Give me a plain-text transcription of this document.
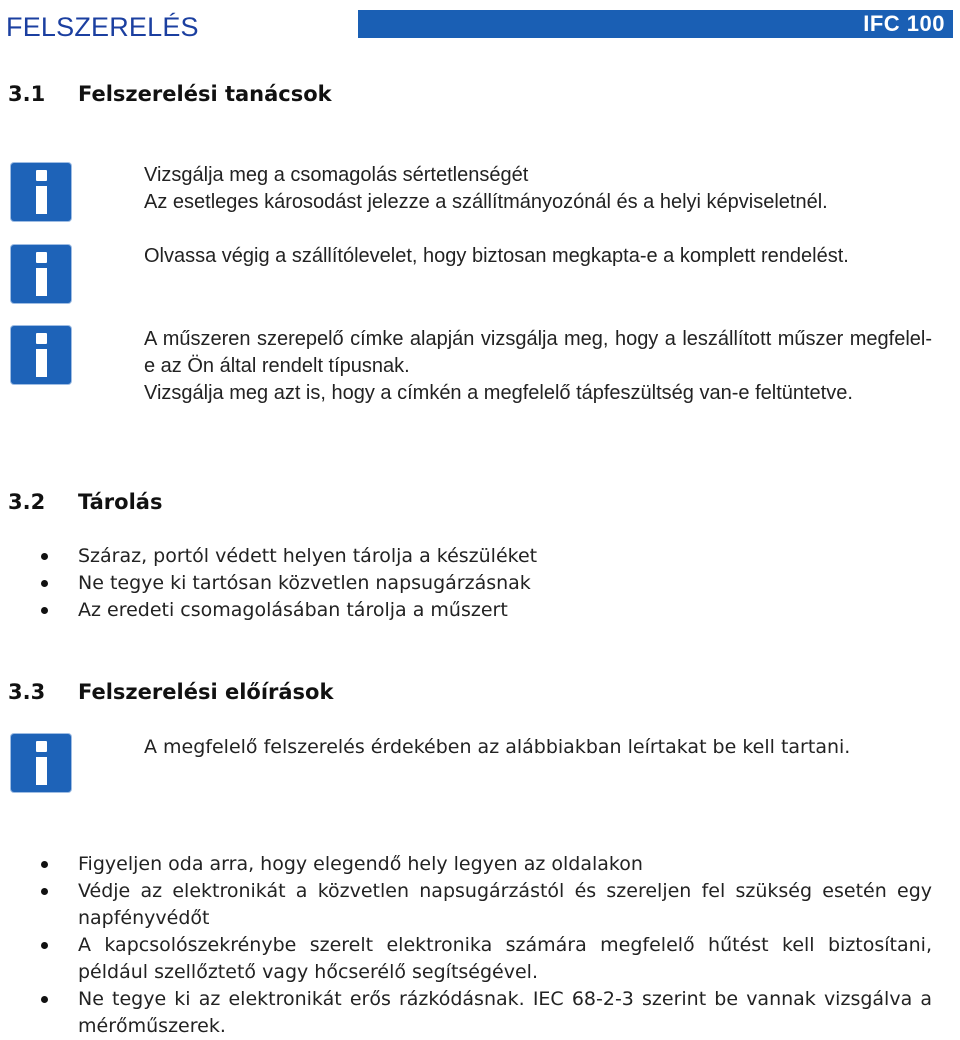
FELSZERELÉS	IFC 100
3.1 Felszerelési tanácsok

Vizsgálja meg a csomagolás sértetlenségét

Az esetleges károsodást jelezze a szállítmányozónál és a helyi képviseletnél.

Olvassa végig a szállítólevelet, hogy biztosan megkapta-e a komplett rendelést.

A műszeren szerepelő címke alapján vizsgálja meg, hogy a leszállított műszer megfelel-e az Ön által rendelt típusnak.

Vizsgálja meg azt is, hogy a címkén a megfelelő tápfeszültség van-e feltüntetve.

3.2 Tárolás
Száraz, portól védett helyen tárolja a készüléket
Ne tegye ki tartósan közvetlen napsugárzásnak
Az eredeti csomagolásában tárolja a műszert
3.3 Felszerelési előírások

A megfelelő felszerelés érdekében az alábbiakban leírtakat be kell tartani.

Figyeljen oda arra, hogy elegendő hely legyen az oldalakon
Védje az elektronikát a közvetlen napsugárzástól és szereljen fel szükség esetén egy napfényvédőt
A kapcsolószekrénybe szerelt elektronika számára megfelelő hűtést kell biztosítani, például szellőztető vagy hőcserélő segítségével.
Ne tegye ki az elektronikát erős rázkódásnak. IEC 68-2-3 szerint be vannak vizsgálva a mérőműszerek.
